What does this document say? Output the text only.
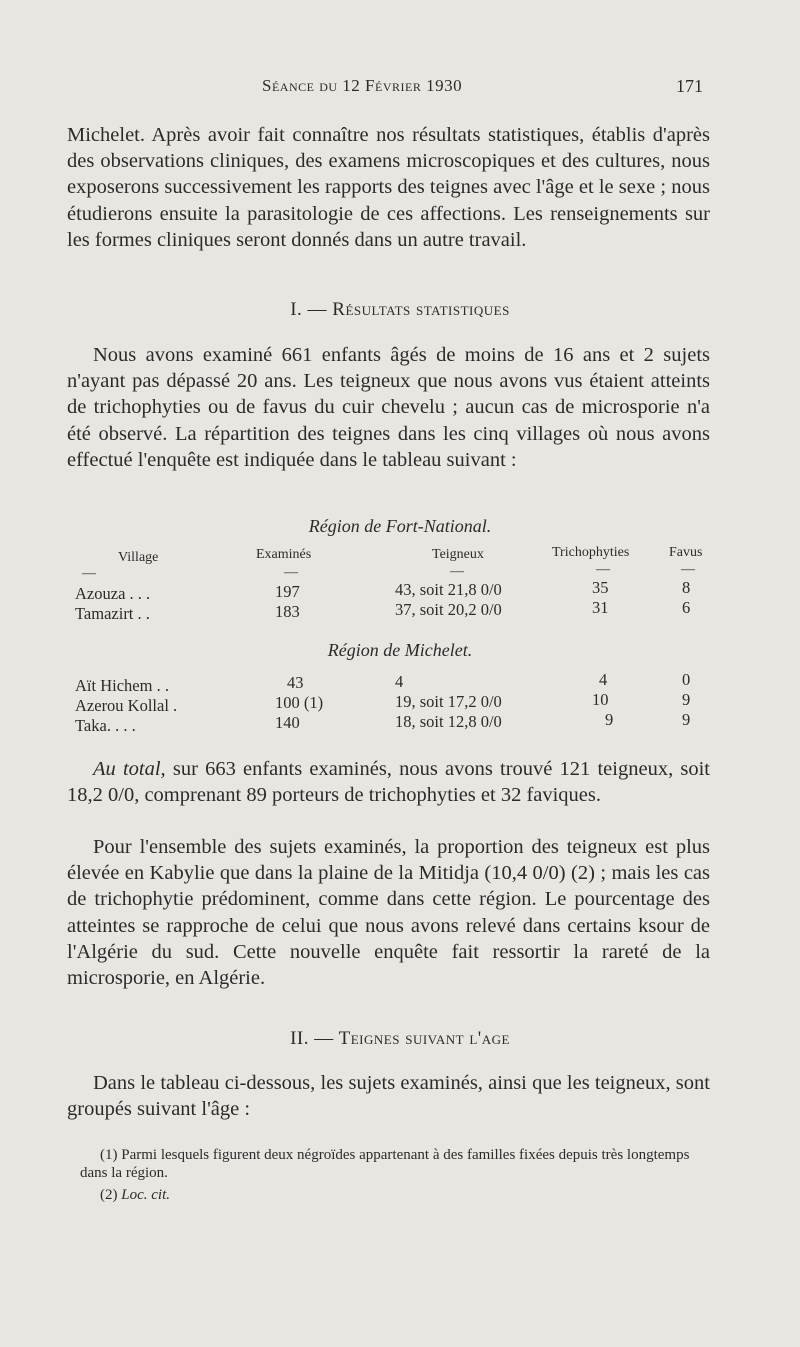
Séance du 12 Février 1930	171

Michelet. Après avoir fait connaître nos résultats statistiques, établis d'après des observations cliniques, des examens microscopiques et des cultures, nous exposerons successivement les rapports des teignes avec l'âge et le sexe ; nous étudierons ensuite la parasitologie de ces affections. Les renseignements sur les formes cliniques seront donnés dans un autre travail.

I. — Résultats statistiques

Nous avons examiné 661 enfants âgés de moins de 16 ans et 2 sujets n'ayant pas dépassé 20 ans. Les teigneux que nous avons vus étaient atteints de trichophyties ou de favus du cuir chevelu ; aucun cas de microsporie n'a été observé. La répartition des teignes dans les cinq villages où nous avons effectué l'enquête est indiquée dans le tableau suivant :

Région de Fort-National.
Village	Examinés	Teigneux	Trichophyties	Favus
—	—	—	—	—
Azouza . . .	197	43, soit 21,8 0/0	35	8
Tamazirt . .	183	37, soit 20,2 0/0	31	6
Région de Michelet.
Aït Hichem . .	43	4	4	0
Azerou Kollal .	100 (1)	19, soit 17,2 0/0	10	9
Taka. . . .	140	18, soit 12,8 0/0	9	9

Au total, sur 663 enfants examinés, nous avons trouvé 121 teigneux, soit 18,2 0/0, comprenant 89 porteurs de trichophyties et 32 faviques.

Pour l'ensemble des sujets examinés, la proportion des teigneux est plus élevée en Kabylie que dans la plaine de la Mitidja (10,4 0/0) (2) ; mais les cas de trichophytie prédominent, comme dans cette région. Le pourcentage des atteintes se rapproche de celui que nous avons relevé dans certains ksour de l'Algérie du sud. Cette nouvelle enquête fait ressortir la rareté de la microsporie, en Algérie.

II. — Teignes suivant l'age

Dans le tableau ci-dessous, les sujets examinés, ainsi que les teigneux, sont groupés suivant l'âge :

(1) Parmi lesquels figurent deux négroïdes appartenant à des familles fixées depuis très longtemps dans la région.

(2) Loc. cit.
